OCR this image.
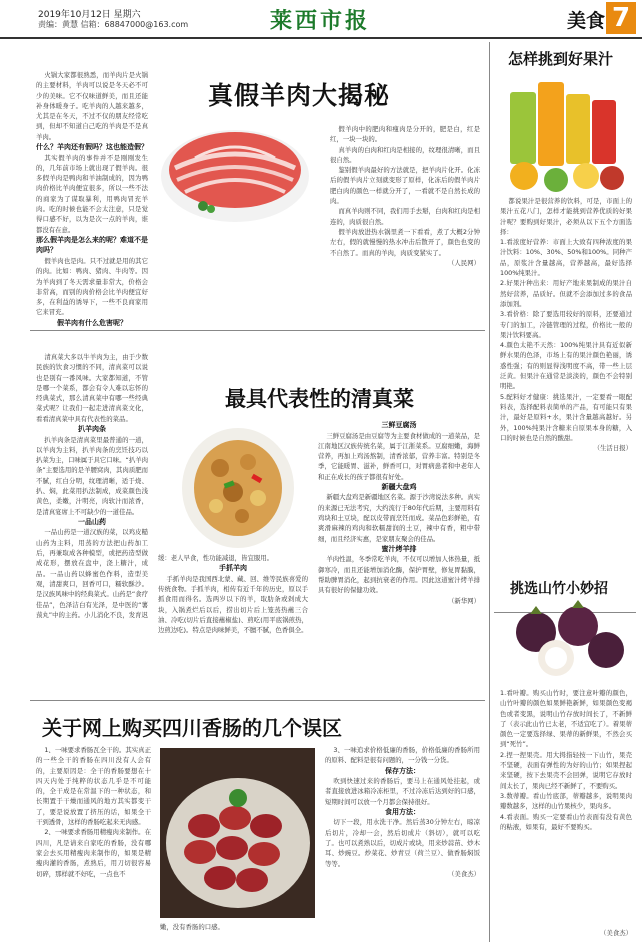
2019年10月12日 星期六
责编：黄慧 信箱：68847000@163.com	莱西市报	美食 7
真假羊肉大揭秘

火锅大家都很熟悉，而羊肉片是火锅的主要材料，羊肉可以说是冬天必不可少的美味。它不仅味道鲜美，而且还能补身体暖身子。吃羊肉的人越来越多，尤其是在冬天，不过不仅的朋友经常吃到，但却不知道自己吃的羊肉是不是真羊肉。

什么？羊肉还有假吗？这也能造假？

其实假羊肉的事件并不是刚刚发生的，几年前市场上就出现了假羊肉。很多假羊肉是鸭肉和羊油制成的，因为鸭肉价格比羊肉便宜很多，所以一些不法的商家为了谋取暴利，用鸭肉冒充羊肉。吃的时候也能不会太注意，只是觉得口感不好，以为是次一点的羊肉，谁都没有在意。

那么假羊肉是怎么来的呢？难道不是肉吗？

假羊肉也是肉。只不过就是用的其它的肉。比如：鸭肉、猪肉、牛肉等。因为羊肉到了冬天需求量非常大，价格会非常高，而别的肉价格会比羊肉便宜好多，在利益的诱导下，一些不良商家用它来冒充。

假羊肉有什么危害呢？

假羊肉中的肥肉和瘦肉是分开的，肥是白，红是红，一块一块的。

真羊肉的白肉和红肉是相接的，纹理很清晰，而且很自然。

鉴别假羊肉最好的方法就是，把羊肉片化开。化冻后的假羊肉片立刻就变形了原样，化冻后的假羊肉片肥白肉的颜色一样就分开了，一看就不是自然长成的肉。

而真羊肉则不同，我们用手去掰，白肉和红肉是相连的，肉质很自然。

假羊肉放进热水锅里煮一下看看，煮了大概2分钟左右，假的就慢慢的热水冲击后散开了，颜色也变的不自然了。而真的羊肉，肉质变紧实了。

（人民网）
最具代表性的清真菜

清真菜大多以牛羊肉为主，由于少数民族的饮食习惯的不同，清真菜可以说也是别有一番风味。大家都知道，不管是哪一个菜系，都会有令人难以忘怀的经典菜式，那么清真菜中有哪一些经典菜式呢？让我们一起走进清真菜文化，看看清真菜中具有代表性的菜品。

扒羊肉条

扒羊肉条是清真菜里最普通的一道，以羊肉为主料，扒羊肉条的烹饪技巧以扒菜为主，口味属于具它口味。“扒羊肉条”主要选用的是羊腰窝肉，其肉质肥而不腻，红白分明，纹理清晰，适于烧、扒、焖，此菜用扒法制成，成菜颜色浅黄色，柔嫩，汁明亮，肉软汁而浓香，是清真宴席上不可缺少的一道佳品。

一品山药

一品山药是一道汉族的菜，以鸡皮糙山药为主料，用蒸的方法把山药加工后，再兼取成各种模型，或把药造型做成花形，摆放在盘中，浇上糖汁，成品。一品山药以蜂蜜色作料，造型美观，清甜爽口，回香可口，糯软酥沙。是汉族风味中的经典菜式。山药是“食疗佳品”，色泽洁白有光泽，是中医的“薯蓣丸”中的主药。小儿消化不良，发育迟

缓：老人早食，性功能减退，皆宜服用。
手抓羊肉

手抓羊肉是我国西北蒙、藏、回、维等民族喜爱的传统食物。手抓羊肉，相传有近千年的历史，原以手抓食用而得名。选两岁以下的羊，取肋条或剁成大块，入锅煮烂后以后，捞出切片后上笼蒸热蘸三合油、冷吃(切片后直接蘸椒盐)、煎吃(用平底锅煎热，边煎边吃)。特点是肉味鲜美，不膻不腻，色香俱全。

三鲜豆腐汤

三鲜豆腐汤是由豆腐等为主要食材做成的一道菜品，是江南地区汉族传统名菜，属于江浙菜系。豆腐细嫩，海鲜营养，再加上鸡汤熬制，清香浓郁，营养丰富。特别是冬季，它能暖胃、滋补，鲜香可口，对胃病患者和中老年人和正在成长的孩子都很有好处。

新疆大盘鸡

新疆大盘鸡是新疆地区名菜。源于沙湾说法多种。真实的来源已无法考究，大约流行于80年代后期，主要用料有鸡块和土豆块，配以皮带面烹饪而成。菜品色彩鲜艳，有爽滑麻辣的鸡肉和软糯甜润的土豆，辣中有香，粗中带细，而且经济实惠，是家朋友聚会的佳品。

蜜汁烤羊排

羊肉性温，冬季常吃羊肉，不仅可以增加人体热量，抵御寒冷，而且还能增加消化酶，保护胃壁，修复胃黏膜，帮助脾胃消化，起到抗衰老的作用。因此这道蜜汁烤羊排具有很好的保健功效。

（新华网）
关于网上购买四川香肠的几个误区

1、一味要求香肠瓦全干的。其实真正的一些全干的香肠在四川没有人会有的，主要原因是：全干的香肠要想在十四天内处于纯粹的状态几乎是不可能的，全干成是在常温下的一种状态，和长期置于干燥而通风的地方其实都变干了，要是说放置了挤压的话，如果全干干到透骨，这样的香肠吃起来无肉感。

2、一味要求香肠用精瘦肉来制作。在四川，凡是请来自家吃的香肠，没有哪家会去买用精瘦肉来制作的，如果是精瘦肉灌的香肠，煮熟后，用刀切很容易切碎，那样就不好吃，一点也不

嫩，没有香肠的口感。

3、一味追求价格低廉的香肠，价格低廉的香肠所用的原料、配料是很有问题的，一分钱一分货。

保存方法：

吹到快速过来的香肠后，要马上在通风处挂起，或者直接放进冰箱冷冻柜里，不过冷冻后达到好的口感，短期时间可以放一个月都会保持很好。

食用方法：

切下一段，用水洗干净。然后蒸30分钟左右，晾凉后切片，冷却一会，然后切成片（斜切），就可以吃了。也可以煮熟以后，切成片或块，用来炒蒜苗、炒木耳、炒豌豆。炒菜花、炒青豆（荷兰豆）、做香肠焖饭等等。

（美食杰）
怎样挑到好果汁

都说果汁是很营养的饮料，可是，市面上的果汁五花八门，怎样才能挑到营养优质的好果汁呢？要购到好果汁，必须从以下五个方面选择：

1.看浓度好营养：市面上大致有四种浓度的果汁饮料：10%、30%、50%和100%。同种产品，原浆汁含量越高，营养越高，最好选择100%纯果汁。
2.好果汁种出来：用好产地来果制成的果汁自然好营养，品质好。但就不会添加过多的食品添加剂。
3.看价格：除了要选用较好的原料，还要通过专门的加工，冷链管理的过程，价格比一般的果汁饮料要高。
4.颜色太艳不天然：100%纯果汁具有近似新鲜水果的色泽，市场上有的果汁颜色艳丽，诱惑性强；有的则显得浅明度不高，带一些上层泛黄。但果汁在通常是淡淡的，颜色不会特别明艳。
5.配料好才健康：挑选果汁，一定要看一眼配料表，选择配料表简单的产品，有可能只有果汁，最好是原料+水，果汁含量越高越好。另外，100%纯果汁含糖来自原果本身的糖，入口的时候也是自然的酸甜。
（生活日报）
挑选山竹小妙招
1.看叶瓣。购买山竹时，要注意叶瓣的颜色，山竹叶瓣的颜色如果鲜艳新鲜，如果颜色变褐色或者变黑，说明山竹存放时间长了，不新鲜了（表示此山竹已太老，不适宜吃了）。着果蒂颜色一定要选择绿、果蒂的新鲜果，不然会买到“死竹”。
2.捏一捏果壳。用大拇指轻按一下山竹，果壳不坚硬，表面有弹性的为好的山竹；如果捏起来坚硬，按下去果壳不会回弹，说明它存放时间太长了，果肉已经不新鲜了，不要购买。
3.数蒂瓣。看山竹底部，蒂瓣越多，说明果肉瓣数越多，这样的山竹果核少，果肉多。
4.看表面。购买一定要看山竹表面有没有黄色的粘液，如果有，最好不要购买。
（美食杰）
